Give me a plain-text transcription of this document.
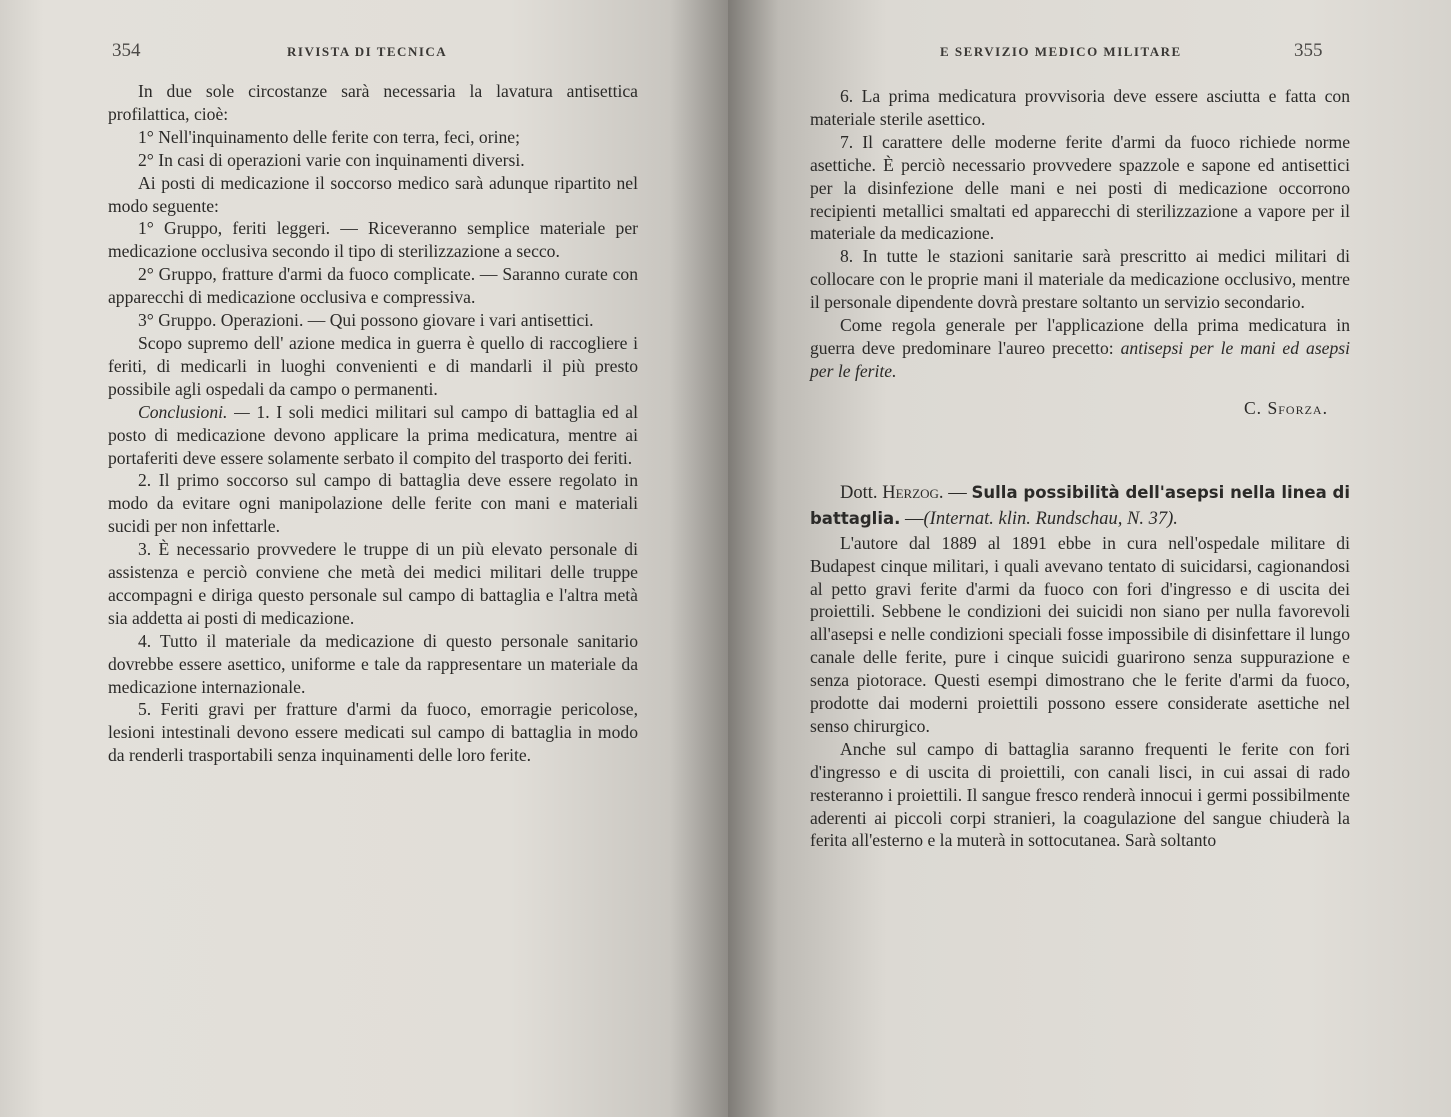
354	RIVISTA DI TECNICA

In due sole circostanze sarà necessaria la lavatura antisettica profilattica, cioè:

1° Nell'inquinamento delle ferite con terra, feci, orine;

2° In casi di operazioni varie con inquinamenti diversi.

Ai posti di medicazione il soccorso medico sarà adunque ripartito nel modo seguente:

1° Gruppo, feriti leggeri. — Riceveranno semplice materiale per medicazione occlusiva secondo il tipo di sterilizzazione a secco.

2° Gruppo, fratture d'armi da fuoco complicate. — Saranno curate con apparecchi di medicazione occlusiva e compressiva.

3° Gruppo. Operazioni. — Qui possono giovare i vari antisettici.

Scopo supremo dell' azione medica in guerra è quello di raccogliere i feriti, di medicarli in luoghi convenienti e di mandarli il più presto possibile agli ospedali da campo o permanenti.

Conclusioni. — 1. I soli medici militari sul campo di battaglia ed al posto di medicazione devono applicare la prima medicatura, mentre ai portaferiti deve essere solamente serbato il compito del trasporto dei feriti.

2. Il primo soccorso sul campo di battaglia deve essere regolato in modo da evitare ogni manipolazione delle ferite con mani e materiali sucidi per non infettarle.

3. È necessario provvedere le truppe di un più elevato personale di assistenza e perciò conviene che metà dei medici militari delle truppe accompagni e diriga questo personale sul campo di battaglia e l'altra metà sia addetta ai posti di medicazione.

4. Tutto il materiale da medicazione di questo personale sanitario dovrebbe essere asettico, uniforme e tale da rappresentare un materiale da medicazione internazionale.

5. Feriti gravi per fratture d'armi da fuoco, emorragie pericolose, lesioni intestinali devono essere medicati sul campo di battaglia in modo da renderli trasportabili senza inquinamenti delle loro ferite.

E SERVIZIO MEDICO MILITARE	355

6. La prima medicatura provvisoria deve essere asciutta e fatta con materiale sterile asettico.

7. Il carattere delle moderne ferite d'armi da fuoco richiede norme asettiche. È perciò necessario provvedere spazzole e sapone ed antisettici per la disinfezione delle mani e nei posti di medicazione occorrono recipienti metallici smaltati ed apparecchi di sterilizzazione a vapore per il materiale da medicazione.

8. In tutte le stazioni sanitarie sarà prescritto ai medici militari di collocare con le proprie mani il materiale da medicazione occlusivo, mentre il personale dipendente dovrà prestare soltanto un servizio secondario.

Come regola generale per l'applicazione della prima medicatura in guerra deve predominare l'aureo precetto: antisepsi per le mani ed asepsi per le ferite.

C. Sforza.

Dott. Herzog. — Sulla possibilità dell'asepsi nella linea di battaglia. —(Internat. klin. Rundschau, N. 37).

L'autore dal 1889 al 1891 ebbe in cura nell'ospedale militare di Budapest cinque militari, i quali avevano tentato di suicidarsi, cagionandosi al petto gravi ferite d'armi da fuoco con fori d'ingresso e di uscita dei proiettili. Sebbene le condizioni dei suicidi non siano per nulla favorevoli all'asepsi e nelle condizioni speciali fosse impossibile di disinfettare il lungo canale delle ferite, pure i cinque suicidi guarirono senza suppurazione e senza piotorace. Questi esempi dimostrano che le ferite d'armi da fuoco, prodotte dai moderni proiettili possono essere considerate asettiche nel senso chirurgico.

Anche sul campo di battaglia saranno frequenti le ferite con fori d'ingresso e di uscita di proiettili, con canali lisci, in cui assai di rado resteranno i proiettili. Il sangue fresco renderà innocui i germi possibilmente aderenti ai piccoli corpi stranieri, la coagulazione del sangue chiuderà la ferita all'esterno e la muterà in sottocutanea. Sarà soltanto
